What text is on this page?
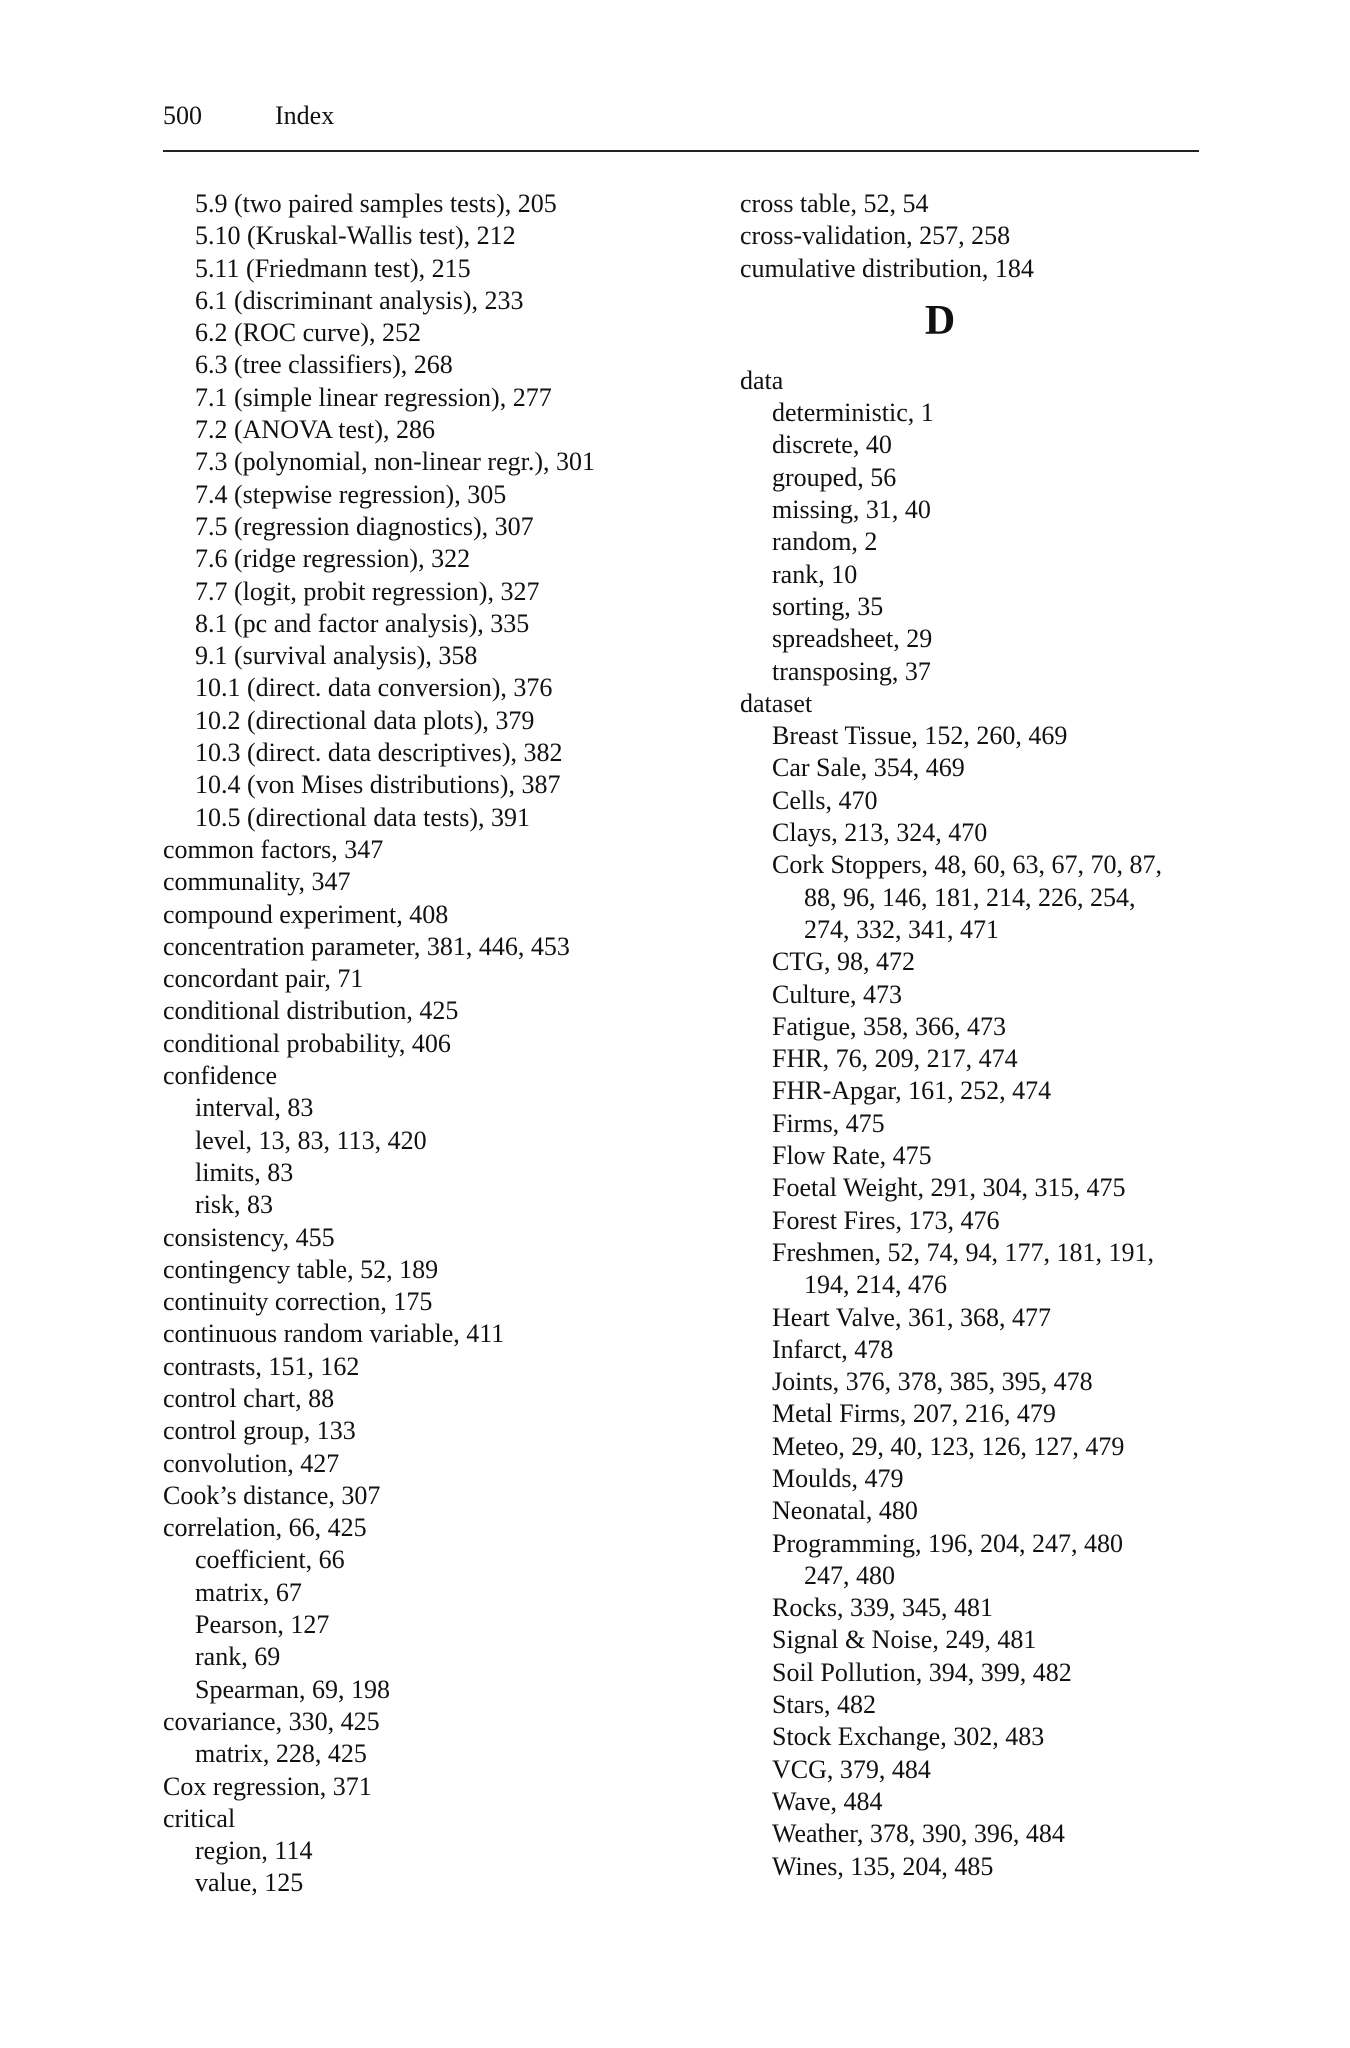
500	Index
5.9 (two paired samples tests), 205
5.10 (Kruskal-Wallis test), 212
5.11 (Friedmann test), 215
6.1 (discriminant analysis), 233
6.2 (ROC curve), 252
6.3 (tree classifiers), 268
7.1 (simple linear regression), 277
7.2 (ANOVA test), 286
7.3 (polynomial, non-linear regr.), 301
7.4 (stepwise regression), 305
7.5 (regression diagnostics), 307
7.6 (ridge regression), 322
7.7 (logit, probit regression), 327
8.1 (pc and factor analysis), 335
9.1 (survival analysis), 358
10.1 (direct. data conversion), 376
10.2 (directional data plots), 379
10.3 (direct. data descriptives), 382
10.4 (von Mises distributions), 387
10.5 (directional data tests), 391
common factors, 347
communality, 347
compound experiment, 408
concentration parameter, 381, 446, 453
concordant pair, 71
conditional distribution, 425
conditional probability, 406
confidence
interval, 83
level, 13, 83, 113, 420
limits, 83
risk, 83
consistency, 455
contingency table, 52, 189
continuity correction, 175
continuous random variable, 411
contrasts, 151, 162
control chart, 88
control group, 133
convolution, 427
Cook’s distance, 307
correlation, 66, 425
coefficient, 66
matrix, 67
Pearson, 127
rank, 69
Spearman, 69, 198
covariance, 330, 425
matrix, 228, 425
Cox regression, 371
critical
region, 114
value, 125
cross table, 52, 54
cross-validation, 257, 258
cumulative distribution, 184
D
data
deterministic, 1
discrete, 40
grouped, 56
missing, 31, 40
random, 2
rank, 10
sorting, 35
spreadsheet, 29
transposing, 37
dataset
Breast Tissue, 152, 260, 469
Car Sale, 354, 469
Cells, 470
Clays, 213, 324, 470
Cork Stoppers, 48, 60, 63, 67, 70, 87,
88, 96, 146, 181, 214, 226, 254,
274, 332, 341, 471
CTG, 98, 472
Culture, 473
Fatigue, 358, 366, 473
FHR, 76, 209, 217, 474
FHR-Apgar, 161, 252, 474
Firms, 475
Flow Rate, 475
Foetal Weight, 291, 304, 315, 475
Forest Fires, 173, 476
Freshmen, 52, 74, 94, 177, 181, 191,
194, 214, 476
Heart Valve, 361, 368, 477
Infarct, 478
Joints, 376, 378, 385, 395, 478
Metal Firms, 207, 216, 479
Meteo, 29, 40, 123, 126, 127, 479
Moulds, 479
Neonatal, 480
Programming, 196, 204, 247, 480
247, 480
Rocks, 339, 345, 481
Signal & Noise, 249, 481
Soil Pollution, 394, 399, 482
Stars, 482
Stock Exchange, 302, 483
VCG, 379, 484
Wave, 484
Weather, 378, 390, 396, 484
Wines, 135, 204, 485
